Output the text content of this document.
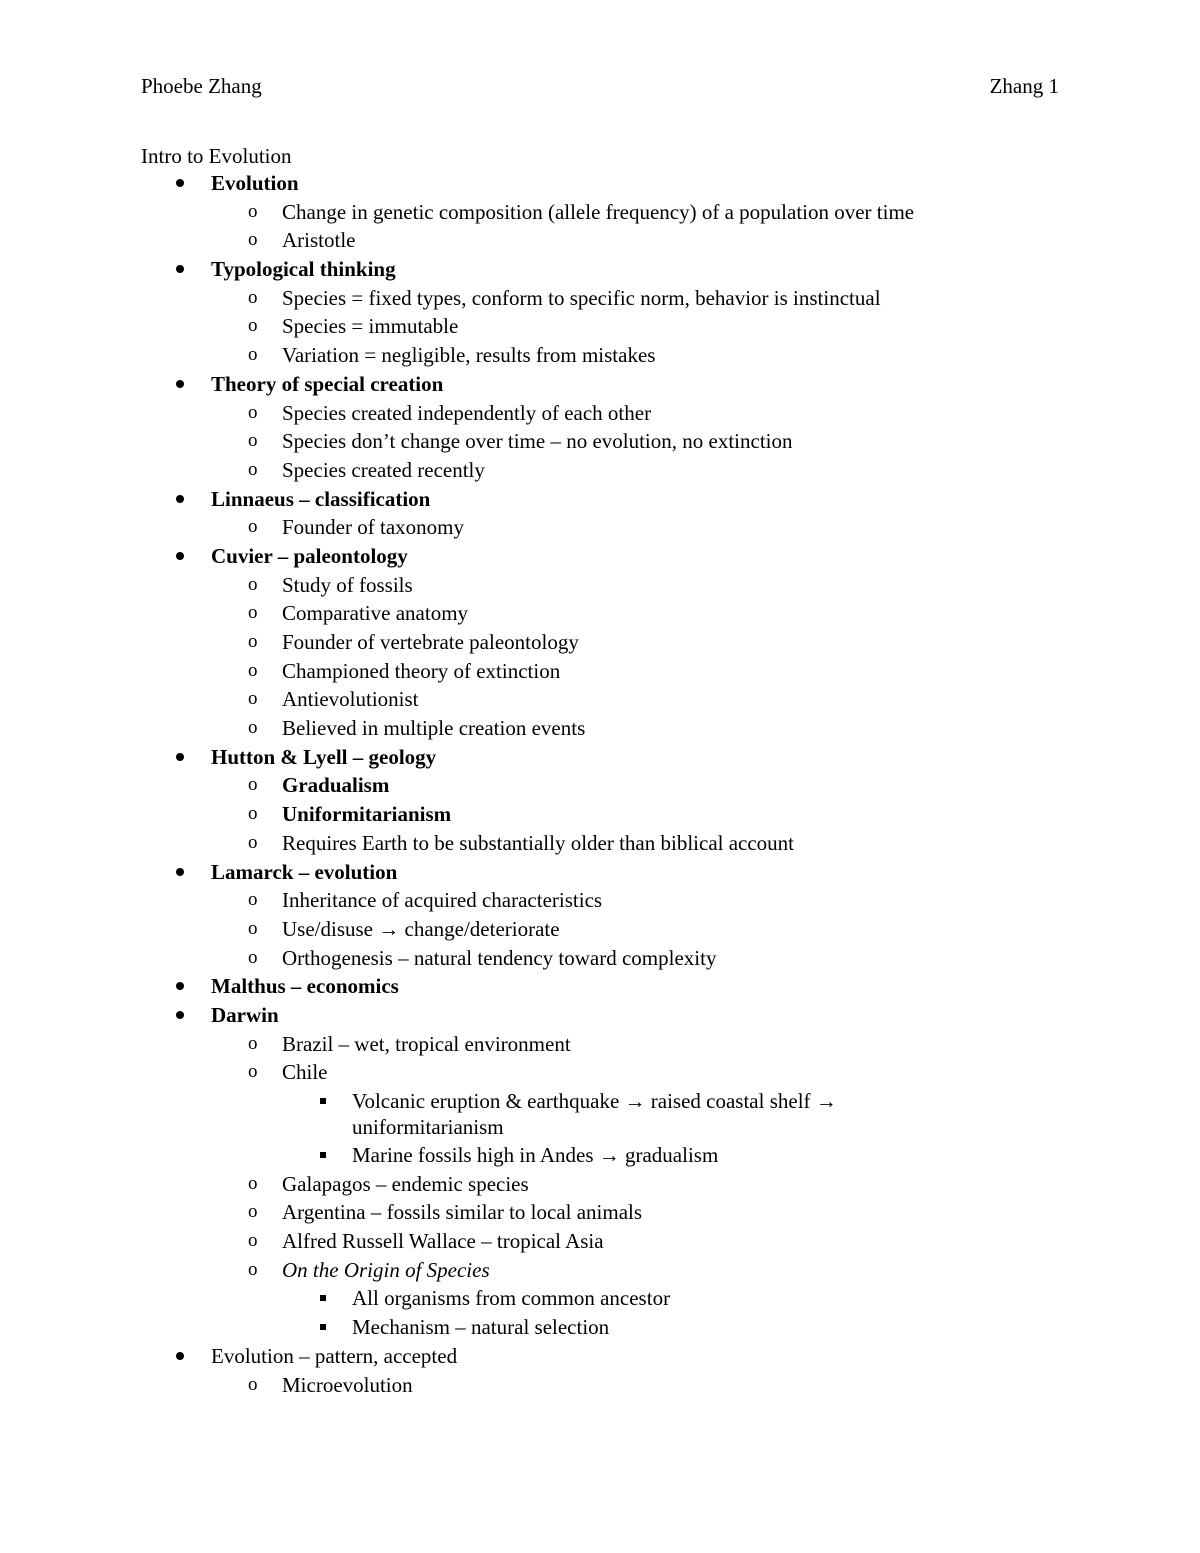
Phoebe Zhang	Zhang 1
Intro to Evolution
Evolution
o Change in genetic composition (allele frequency) of a population over time
o Aristotle
Typological thinking
o Species = fixed types, conform to specific norm, behavior is instinctual
o Species = immutable
o Variation = negligible, results from mistakes
Theory of special creation
o Species created independently of each other
o Species don’t change over time – no evolution, no extinction
o Species created recently
Linnaeus – classification
o Founder of taxonomy
Cuvier – paleontology
o Study of fossils
o Comparative anatomy
o Founder of vertebrate paleontology
o Championed theory of extinction
o Antievolutionist
o Believed in multiple creation events
Hutton & Lyell – geology
o Gradualism
o Uniformitarianism
o Requires Earth to be substantially older than biblical account
Lamarck – evolution
o Inheritance of acquired characteristics
o Use/disuse → change/deteriorate
o Orthogenesis – natural tendency toward complexity
Malthus – economics
Darwin
o Brazil – wet, tropical environment
o Chile
Volcanic eruption & earthquake → raised coastal shelf → uniformitarianism
Marine fossils high in Andes → gradualism
o Galapagos – endemic species
o Argentina – fossils similar to local animals
o Alfred Russell Wallace – tropical Asia
o On the Origin of Species
All organisms from common ancestor
Mechanism – natural selection
Evolution – pattern, accepted
o Microevolution
